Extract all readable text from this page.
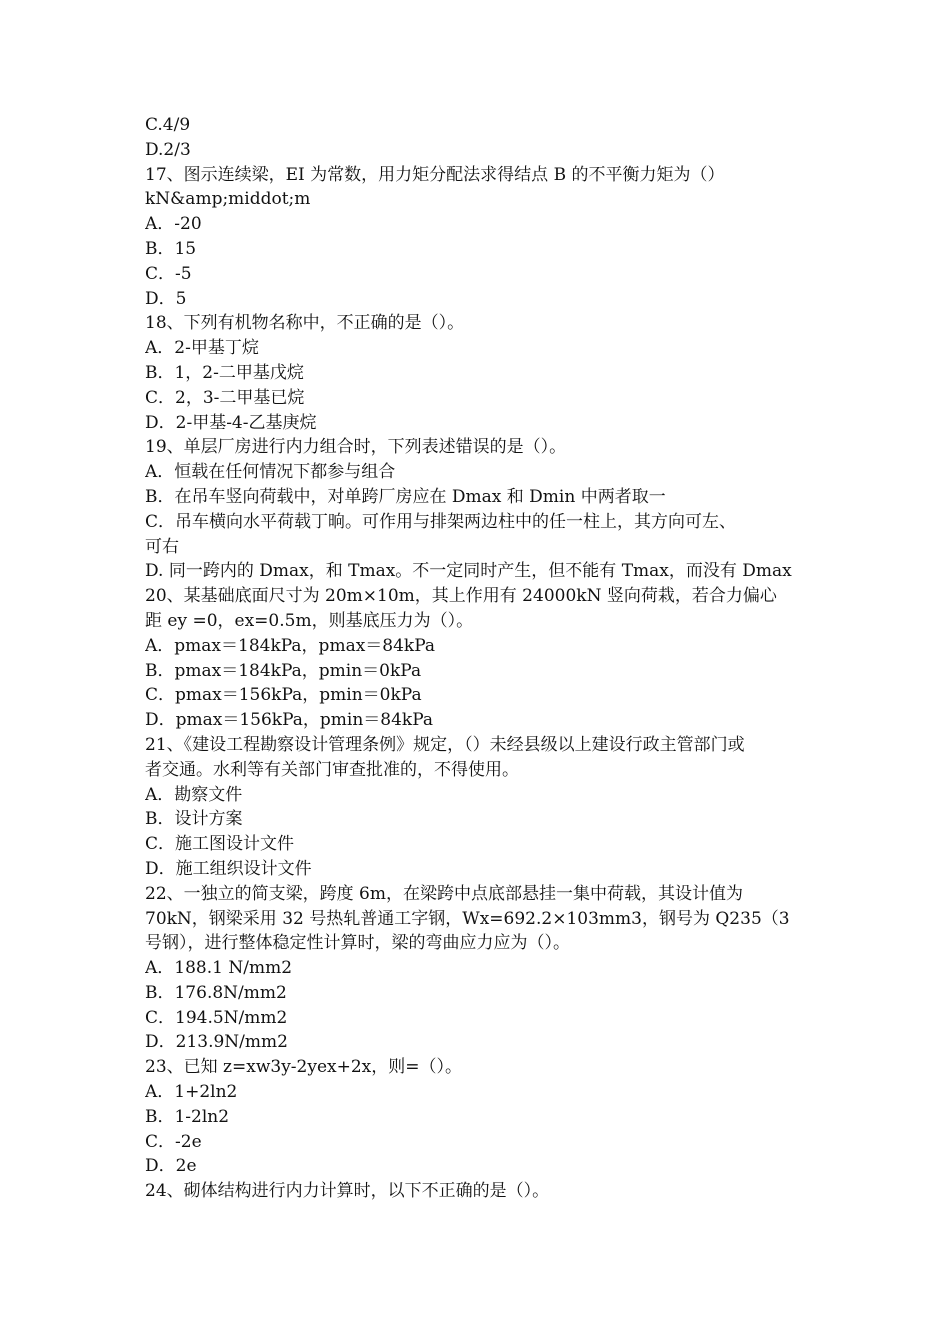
C.4/9
D.2/3
17、图示连续梁，EI 为常数，用力矩分配法求得结点 B 的不平衡力矩为（）
kN&amp;middot;m
A．-20
B．15
C．-5
D．5
18、下列有机物名称中，不正确的是（）。
A．2-甲基丁烷
B．1，2-二甲基戊烷
C．2，3-二甲基已烷
D．2-甲基-4-乙基庚烷
19、单层厂房进行内力组合时，下列表述错误的是（）。
A．恒载在任何情况下都参与组合
B．在吊车竖向荷载中，对单跨厂房应在 Dmax 和 Dmin 中两者取一
C．吊车横向水平荷载丁晌。可作用与排架两边柱中的任一柱上，其方向可左、
可右
D. 同一跨内的 Dmax，和 Tmax。不一定同时产生，但不能有 Tmax，而没有 Dmax
20、某基础底面尺寸为 20m×10m，其上作用有 24000kN 竖向荷栽，若合力偏心
距 ey =0，ex=0.5m，则基底压力为（）。
A．pmax＝184kPa，pmax＝84kPa
B．pmax＝184kPa，pmin＝0kPa
C．pmax＝156kPa，pmin＝0kPa
D．pmax＝156kPa，pmin＝84kPa
21、《建设工程勘察设计管理条例》规定，（）未经县级以上建设行政主管部门或
者交通。水利等有关部门审查批准的，不得使用。
A．勘察文件
B．设计方案
C．施工图设计文件
D．施工组织设计文件
22、一独立的简支梁，跨度 6m，在梁跨中点底部悬挂一集中荷载，其设计值为
70kN，钢梁采用 32 号热轧普通工字钢，Wx=692.2×103mm3，钢号为 Q235（3
号钢），进行整体稳定性计算时，梁的弯曲应力应为（）。
A．188.1 N/mm2
B．176.8N/mm2
C．194.5N/mm2
D．213.9N/mm2
23、已知 z=xw3y-2yex+2x，则=（）。
A．1+2ln2
B．1-2ln2
C．-2e
D．2e
24、砌体结构进行内力计算时，以下不正确的是（）。
